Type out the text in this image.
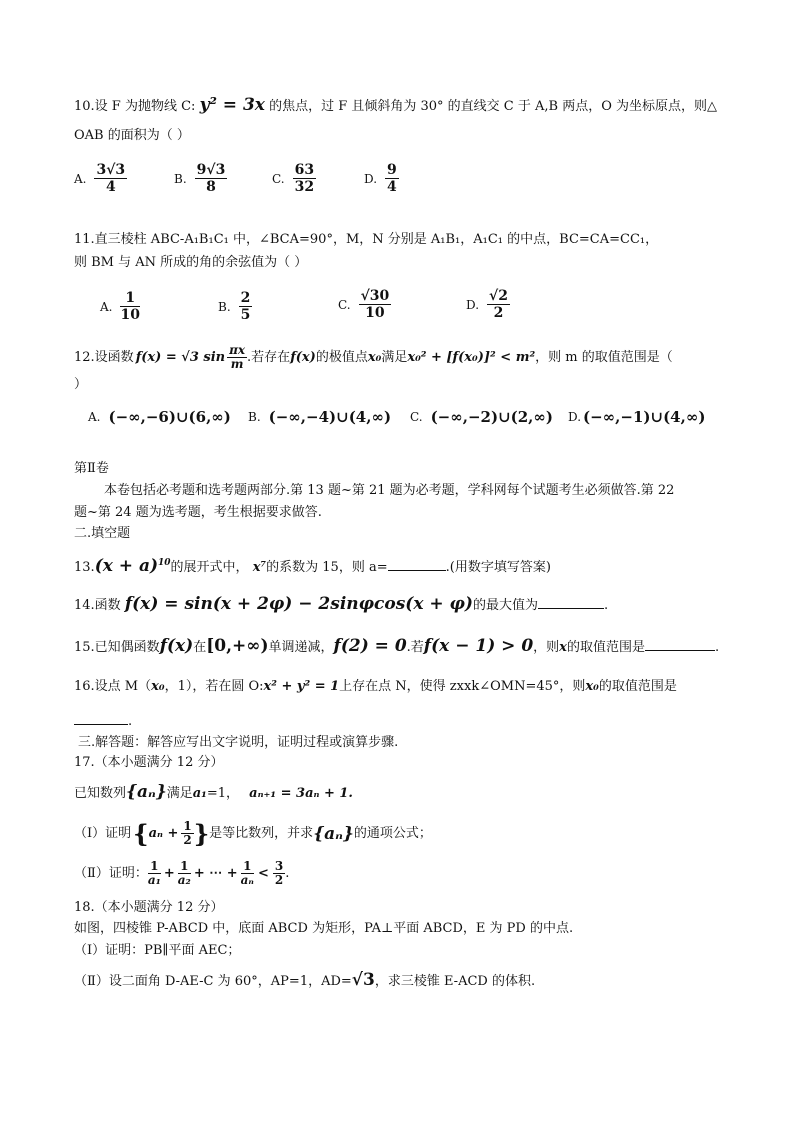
10.设 F 为抛物线 C: y² = 3x 的焦点，过 F 且倾斜角为 30° 的直线交 C 于 A,B 两点，O 为坐标原点，则△
OAB 的面积为（ ）
A. $\frac{3√3}{4}$	B. $\frac{9√3}{8}$	C. $\frac{63}{32}$	D. $\frac{9}{4}$
11.直三棱柱 ABC-A₁B₁C₁ 中，∠BCA=90°，M，N 分别是 A₁B₁，A₁C₁ 的中点，BC=CA=CC₁，
则 BM 与 AN 所成的角的余弦值为（ ）
A. $\frac{1}{10}$	B. $\frac{2}{5}$	C. $\frac{√30}{10}$	D. $\frac{√2}{2}$
12.设函数 f(x) = √3 $\sin \frac{\pi x}{m}$ .若存在 f(x) 的极值点 x₀ 满足 x₀² + [f(x₀)]² < m² ，则 m 的取值范围是（
）
A. (−∞,−6)∪(6,∞) B. (−∞,−4)∪(4,∞) C. (−∞,−2)∪(2,∞) D. (−∞,−1)∪(4,∞)
第Ⅱ卷
本卷包括必考题和选考题两部分.第 13 题~第 21 题为必考题，学科网每个试题考生必须做答.第 22
题~第 24 题为选考题，考生根据要求做答.
二.填空题
$13.(x + a)^{10}$的展开式中， x⁷的系数为 15，则 a=	.(用数字填写答案)
14.函数 f(x) = sin(x + 2φ) − 2sinφcos(x + φ)的最大值为	.
15.已知偶函数f(x)在[0,+∞)单调递减，f(2) = 0.若f(x − 1) > 0，则x的取值范围是	.
16.设点 M（x₀，1），若在圆 O:x² + y² = 1上存在点 N，使得 zxxk∠OMN=45°，则x₀的取值范围是
.
三.解答题：解答应写出文字说明，证明过程或演算步骤.
17.（本小题满分 12 分）
已知数列{aₙ}满足a₁=1， aₙ₊₁ = 3aₙ + 1.
（Ⅰ）证明 { $a_n + \frac{1}{2}$ } 是等比数列，并求 {aₙ} 的通项公式；
（Ⅱ）证明： $\frac{1}{\text{a₁}} + \frac{1}{\text{a₂}}$ + ⋯ + $\frac{1}{\text{aₙ}} < \frac{3}{2}$ .
18.（本小题满分 12 分）
如图，四棱锥 P-ABCD 中，底面 ABCD 为矩形，PA⊥平面 ABCD，E 为 PD 的中点.
（Ⅰ）证明：PB∥平面 AEC；
（Ⅱ）设二面角 D-AE-C 为 60°，AP=1，AD=√3，求三棱锥 E-ACD 的体积.
